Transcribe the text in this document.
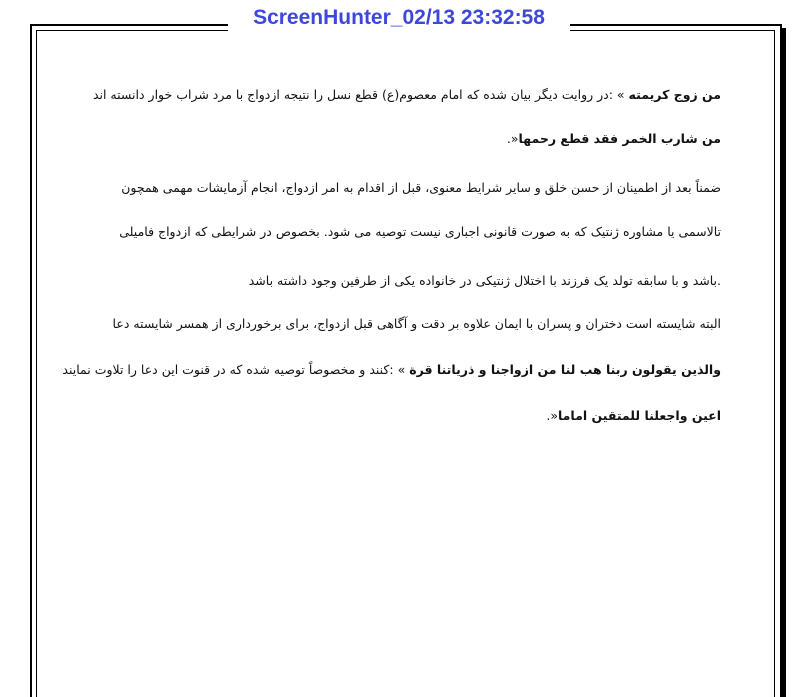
ScreenHunter_02/13 23:32:58
من زوج کریمته » :در روایت دیگر بیان شده که امام معصوم(ع) قطع نسل را نتیجه ازدواج با مرد شراب خوار دانسته اند
من شارب الخمر فقد قطع رحمها«.
ضمناً بعد از اطمینان از حسن خلق و سایر شرایط معنوی، قبل از اقدام به امر ازدواج، انجام آزمایشات مهمی همچون
تالاسمی یا مشاوره ژنتیک که به صورت قانونی اجباری نیست توصیه می شود. بخصوص در شرایطی که ازدواج فامیلی
.باشد و با سابقه تولد یک فرزند با اختلال ژنتیکی در خانواده یکی از طرفین وجود داشته باشد
البته شایسته است دختران و پسران با ایمان علاوه بر دقت و آگاهی قبل ازدواج، برای برخورداری از همسر شایسته دعا
والذین یقولون ربنا هب لنا من ازواجنا و ذریاتنا قرة » :کنند و مخصوصاً توصیه شده که در قنوت این دعا را تلاوت نمایند
اعین واجعلنا للمتقین اماما«.
